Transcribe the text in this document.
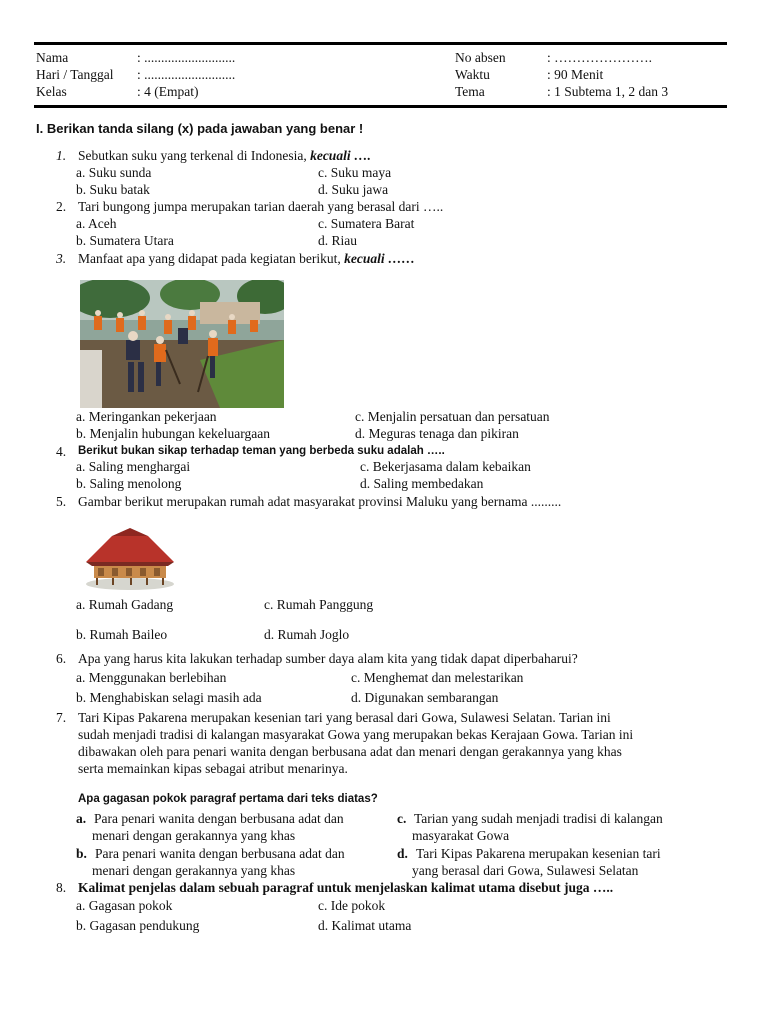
Nama	: ...........................
Hari / Tanggal : ...........................
Kelas	: 4 (Empat)
No absen	: ………………….
Waktu	: 90 Menit
Tema	: 1 Subtema 1, 2 dan 3
I. Berikan tanda silang (x) pada jawaban yang benar !
1. Sebutkan suku yang terkenal di Indonesia, kecuali ….
a. Suku sunda
b. Suku batak
c. Suku maya
d. Suku jawa
2. Tari bungong jumpa merupakan tarian daerah yang berasal dari …..
a. Aceh
b. Sumatera Utara
c. Sumatera Barat
d. Riau
3. Manfaat apa yang didapat pada kegiatan berikut, kecuali ……
a. Meringankan pekerjaan
b. Menjalin hubungan kekeluargaan
c. Menjalin persatuan dan persatuan
d. Meguras tenaga dan pikiran
4. Berikut bukan sikap terhadap teman yang berbeda suku adalah …..
a. Saling menghargai
b. Saling menolong
c. Bekerjasama dalam kebaikan
d. Saling membedakan
5. Gambar berikut merupakan rumah adat masyarakat provinsi Maluku yang bernama .........
a. Rumah Gadang
b. Rumah Baileo
c. Rumah Panggung
d. Rumah Joglo
6. Apa yang harus kita lakukan terhadap sumber daya alam kita yang tidak dapat diperbaharui?
a. Menggunakan berlebihan
b. Menghabiskan selagi masih ada
c. Menghemat dan melestarikan
d. Digunakan sembarangan
7. Tari Kipas Pakarena merupakan kesenian tari yang berasal dari Gowa, Sulawesi Selatan. Tarian ini
sudah menjadi tradisi di kalangan masyarakat Gowa yang merupakan bekas Kerajaan Gowa. Tarian ini
dibawakan oleh para penari wanita dengan berbusana adat dan menari dengan gerakannya yang khas
serta memainkan kipas sebagai atribut menarinya.
Apa gagasan pokok paragraf pertama dari teks diatas?
a. Para penari wanita dengan berbusana adat dan
menari dengan gerakannya yang khas
b. Para penari wanita dengan berbusana adat dan
menari dengan gerakannya yang khas
c. Tarian yang sudah menjadi tradisi di kalangan
masyarakat Gowa
d. Tari Kipas Pakarena merupakan kesenian tari
yang berasal dari Gowa, Sulawesi Selatan
8. Kalimat penjelas dalam sebuah paragraf untuk menjelaskan kalimat utama disebut juga …..
a. Gagasan pokok
b. Gagasan pendukung
c. Ide pokok
d. Kalimat utama
